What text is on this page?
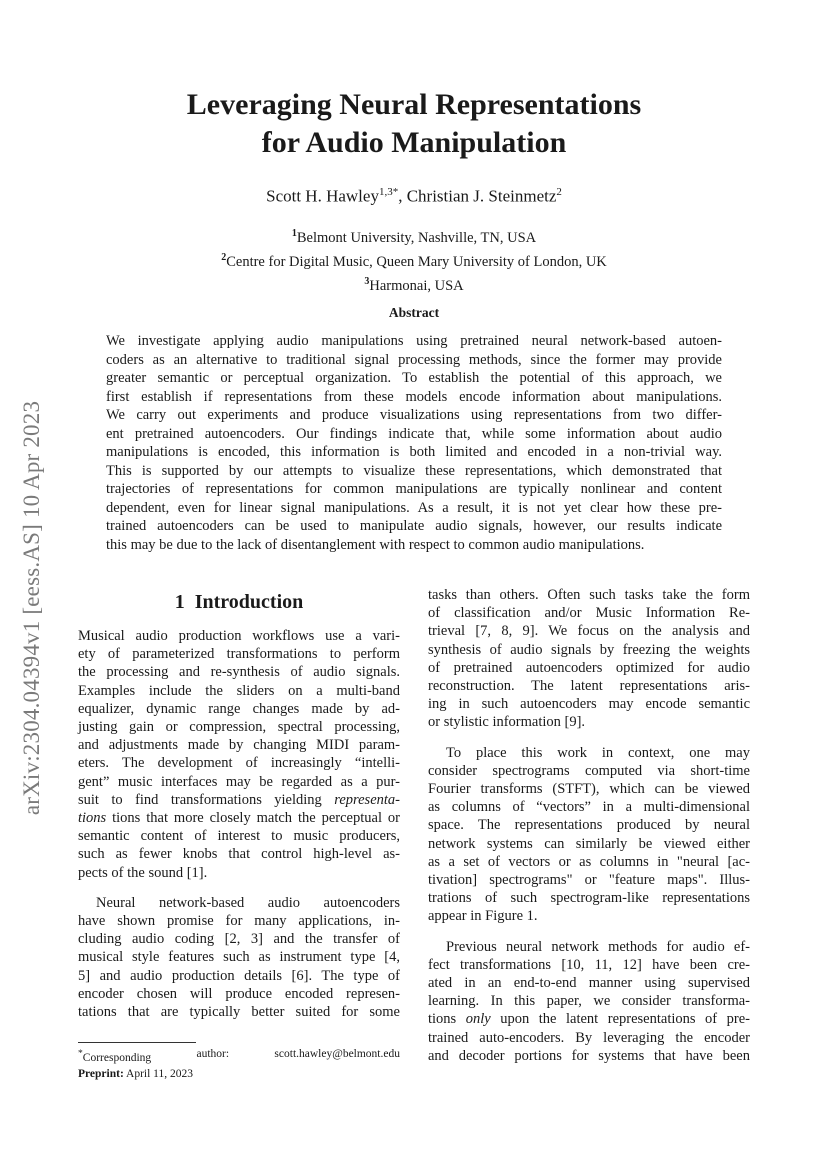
arXiv:2304.04394v1 [eess.AS] 10 Apr 2023
Leveraging Neural Representations
for Audio Manipulation
Scott H. Hawley$^{1,3*}$, Christian J. Steinmetz$^2$
$^1$Belmont University, Nashville, TN, USA
$^2$Centre for Digital Music, Queen Mary University of London, UK
$^3$Harmonai, USA
Abstract
We investigate applying audio manipulations using pretrained neural network-based autoen-
coders as an alternative to traditional signal processing methods, since the former may provide
greater semantic or perceptual organization. To establish the potential of this approach, we
first establish if representations from these models encode information about manipulations.
We carry out experiments and produce visualizations using representations from two differ-
ent pretrained autoencoders. Our findings indicate that, while some information about audio
manipulations is encoded, this information is both limited and encoded in a non-trivial way.
This is supported by our attempts to visualize these representations, which demonstrated that
trajectories of representations for common manipulations are typically nonlinear and content
dependent, even for linear signal manipulations. As a result, it is not yet clear how these pre-
trained autoencoders can be used to manipulate audio signals, however, our results indicate
this may be due to the lack of disentanglement with respect to common audio manipulations.
1 Introduction
Musical audio production workflows use a vari-
ety of parameterized transformations to perform
the processing and re-synthesis of audio signals.
Examples include the sliders on a multi-band
equalizer, dynamic range changes made by ad-
justing gain or compression, spectral processing,
and adjustments made by changing MIDI param-
eters. The development of increasingly “intelli-
gent” music interfaces may be regarded as a pur-
suit to find transformations yielding representa-
tions tions that more closely match the perceptual or
semantic content of interest to music producers,
such as fewer knobs that control high-level as-
pects of the sound [1].
Neural network-based audio autoencoders
have shown promise for many applications, in-
cluding audio coding [2, 3] and the transfer of
musical style features such as instrument type [4,
5] and audio production details [6]. The type of
encoder chosen will produce encoded represen-
tations that are typically better suited for some
tasks than others. Often such tasks take the form
of classification and/or Music Information Re-
trieval [7, 8, 9]. We focus on the analysis and
synthesis of audio signals by freezing the weights
of pretrained autoencoders optimized for audio
reconstruction. The latent representations aris-
ing in such autoencoders may encode semantic
or stylistic information [9].
To place this work in context, one may
consider spectrograms computed via short-time
Fourier transforms (STFT), which can be viewed
as columns of “vectors” in a multi-dimensional
space. The representations produced by neural
network systems can similarly be viewed either
as a set of vectors or as columns in "neural [ac-
tivation] spectrograms" or "feature maps". Illus-
trations of such spectrogram-like representations
appear in Figure 1.
Previous neural network methods for audio ef-
fect transformations [10, 11, 12] have been cre-
ated in an end-to-end manner using supervised
learning. In this paper, we consider transforma-
tions only upon the latent representations of pre-
trained auto-encoders. By leveraging the encoder
and decoder portions for systems that have been
*Corresponding	author:	scott.hawley@belmont.edu
Preprint: April 11, 2023
